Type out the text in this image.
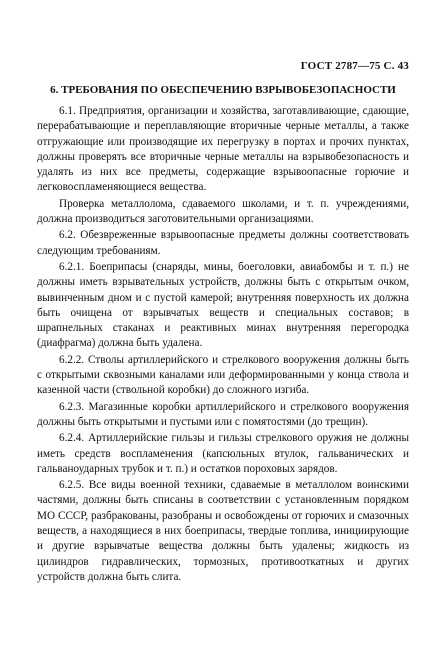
ГОСТ 2787—75 С. 43
6. ТРЕБОВАНИЯ ПО ОБЕСПЕЧЕНИЮ ВЗРЫВОБЕЗОПАСНОСТИ

6.1. Предприятия, организации и хозяйства, заготавливающие, сдающие, перерабатывающие и переплавляющие вторичные черные металлы, а также отгружающие или производящие их перегрузку в портах и прочих пунктах, должны проверять все вторичные черные металлы на взрывобезопасность и удалять из них все предметы, содержащие взрывоопасные горючие и легковоспламеняющиеся вещества.

Проверка металлолома, сдаваемого школами, и т. п. учреждениями, должна производиться заготовительными организациями.

6.2. Обезвреженные взрывоопасные предметы должны соответствовать следующим требованиям.

6.2.1. Боеприпасы (снаряды, мины, боеголовки, авиабомбы и т. п.) не должны иметь взрывательных устройств, должны быть с открытым очком, вывинченным дном и с пустой камерой; внутренняя поверхность их должна быть очищена от взрывчатых веществ и специальных составов; в шрапнельных стаканах и реактивных минах внутренняя перегородка (диафрагма) должна быть удалена.

6.2.2. Стволы артиллерийского и стрелкового вооружения должны быть с открытыми сквозными каналами или деформированными у конца ствола и казенной части (ствольной коробки) до сложного изгиба.

6.2.3. Магазинные коробки артиллерийского и стрелкового вооружения должны быть открытыми и пустыми или с помятостями (до трещин).

6.2.4. Артиллерийские гильзы и гильзы стрелкового оружия не должны иметь средств воспламенения (капсюльных втулок, гальванических и гальваноударных трубок и т. п.) и остатков пороховых зарядов.

6.2.5. Все виды военной техники, сдаваемые в металлолом воинскими частями, должны быть списаны в соответствии с установленным порядком МО СССР, разбракованы, разобраны и освобождены от горючих и смазочных веществ, а находящиеся в них боеприпасы, твердые топлива, инициирующие и другие взрывчатые вещества должны быть удалены; жидкость из цилиндров гидравлических, тормозных, противооткатных и других устройств должна быть слита.
